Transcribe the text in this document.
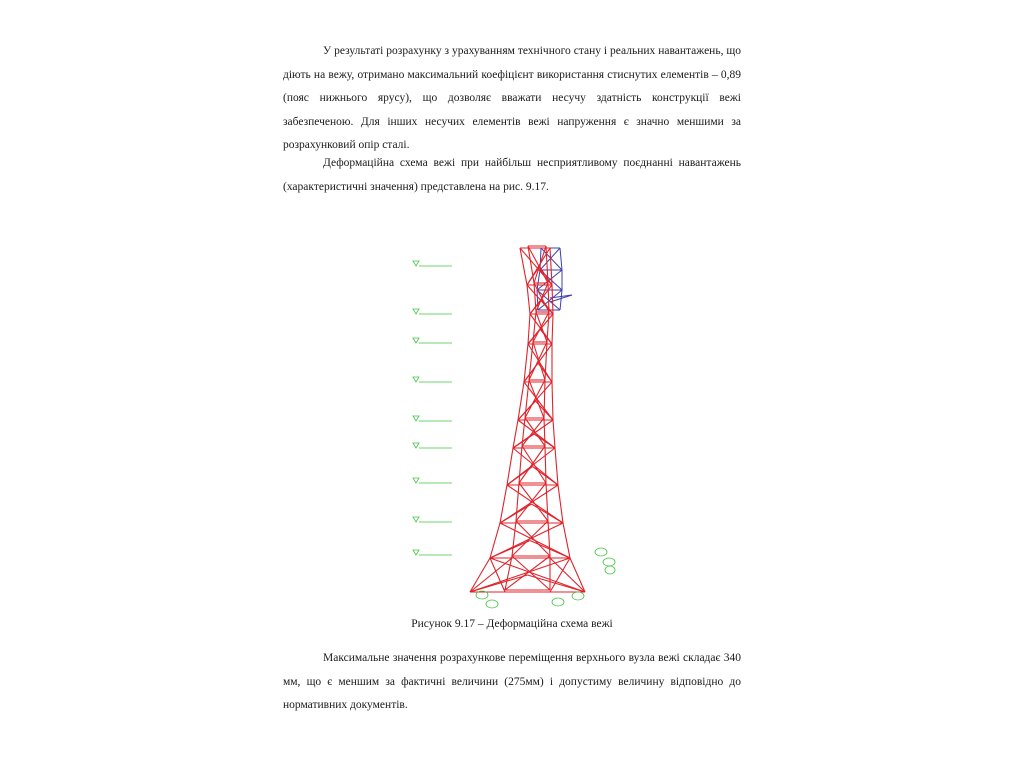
У результаті розрахунку з урахуванням технічного стану і реальних навантажень, що діють на вежу, отримано максимальний коефіцієнт використання стиснутих елементів – 0,89 (пояс нижнього ярусу), що дозволяє вважати несучу здатність конструкції вежі забезпеченою. Для інших несучих елементів вежі напруження є значно меншими за розрахунковий опір сталі.

Деформаційна схема вежі при найбільш несприятливому поєднанні навантажень (характеристичні значення) представлена на рис. 9.17.

Рисунок 9.17 – Деформаційна схема вежі

Максимальне значення розрахункове переміщення верхнього вузла вежі складає 340 мм, що є меншим за фактичні величини (275мм) і допустиму величину відповідно до нормативних документів.
